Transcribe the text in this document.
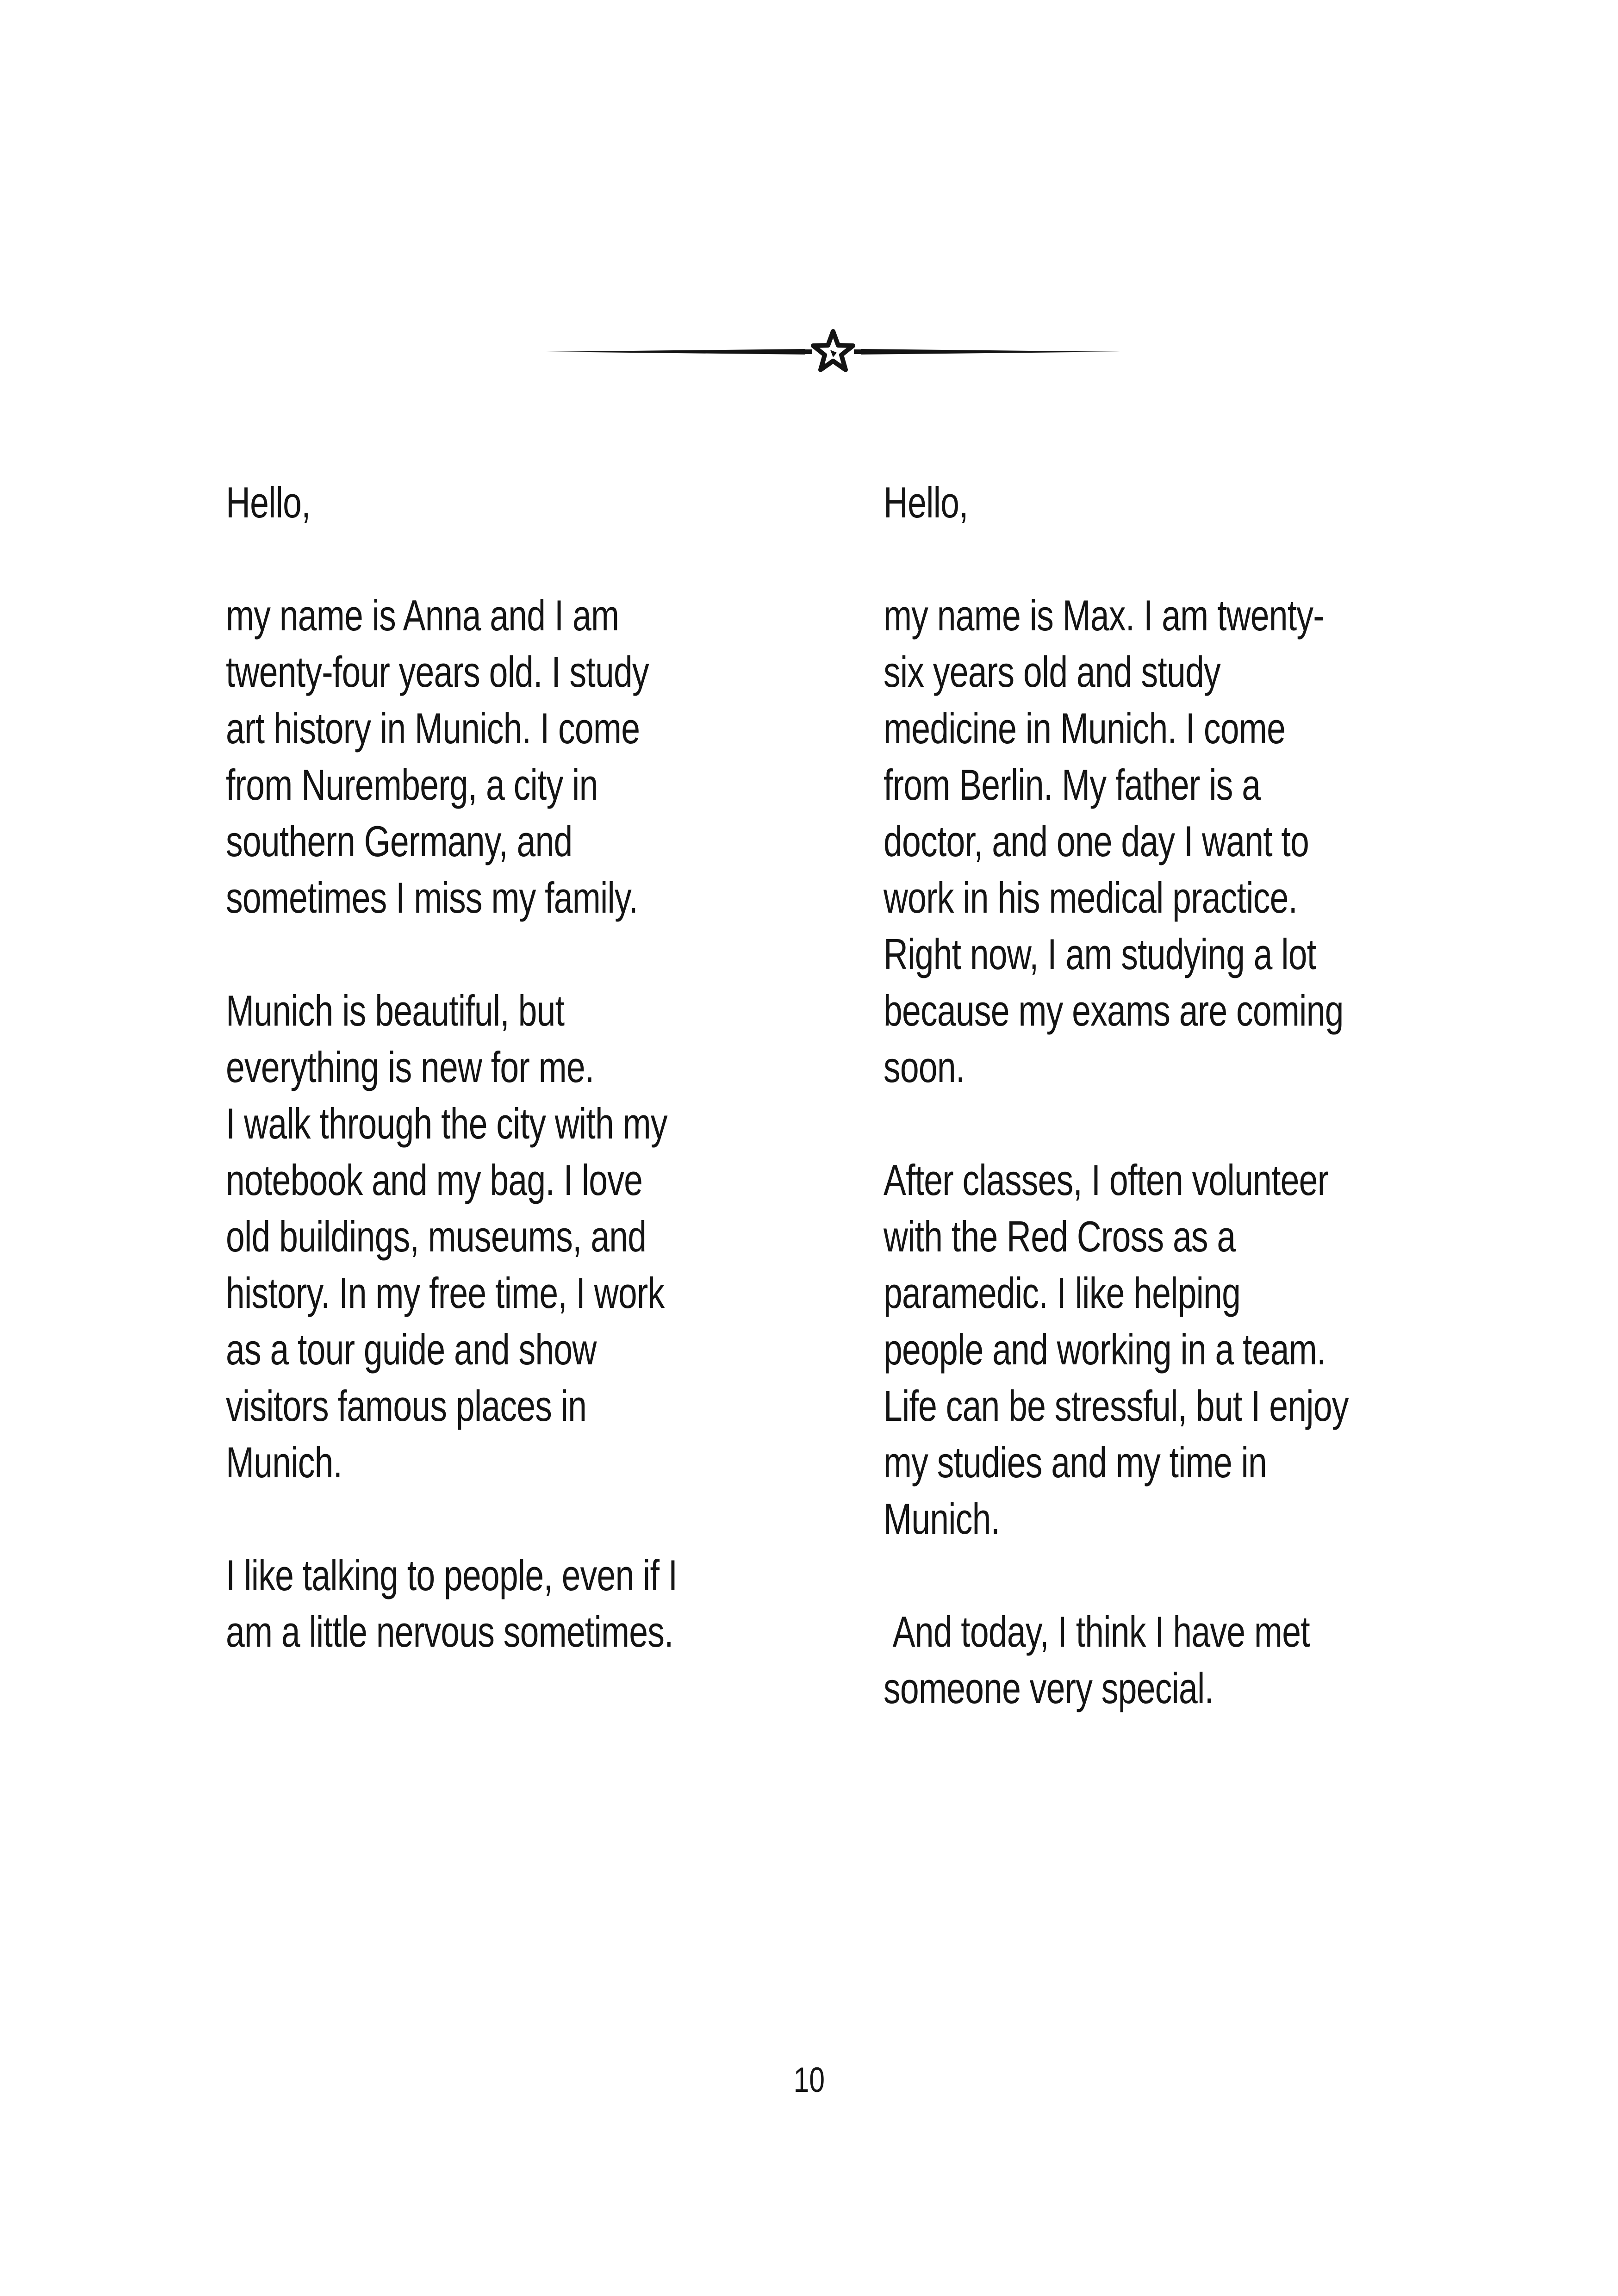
Hello,

my name is Anna and I am
twenty-four years old. I study
art history in Munich. I come
from Nuremberg, a city in
southern Germany, and
sometimes I miss my family.

Munich is beautiful, but
everything is new for me.
I walk through the city with my
notebook and my bag. I love
old buildings, museums, and
history. In my free time, I work
as a tour guide and show
visitors famous places in
Munich.

I like talking to people, even if I
am a little nervous sometimes.

Hello,

my name is Max. I am twenty-
six years old and study
medicine in Munich. I come
from Berlin. My father is a
doctor, and one day I want to
work in his medical practice.
Right now, I am studying a lot
because my exams are coming
soon.

After classes, I often volunteer
with the Red Cross as a
paramedic. I like helping
people and working in a team.
Life can be stressful, but I enjoy
my studies and my time in
Munich.

And today, I think I have met
someone very special.

10
